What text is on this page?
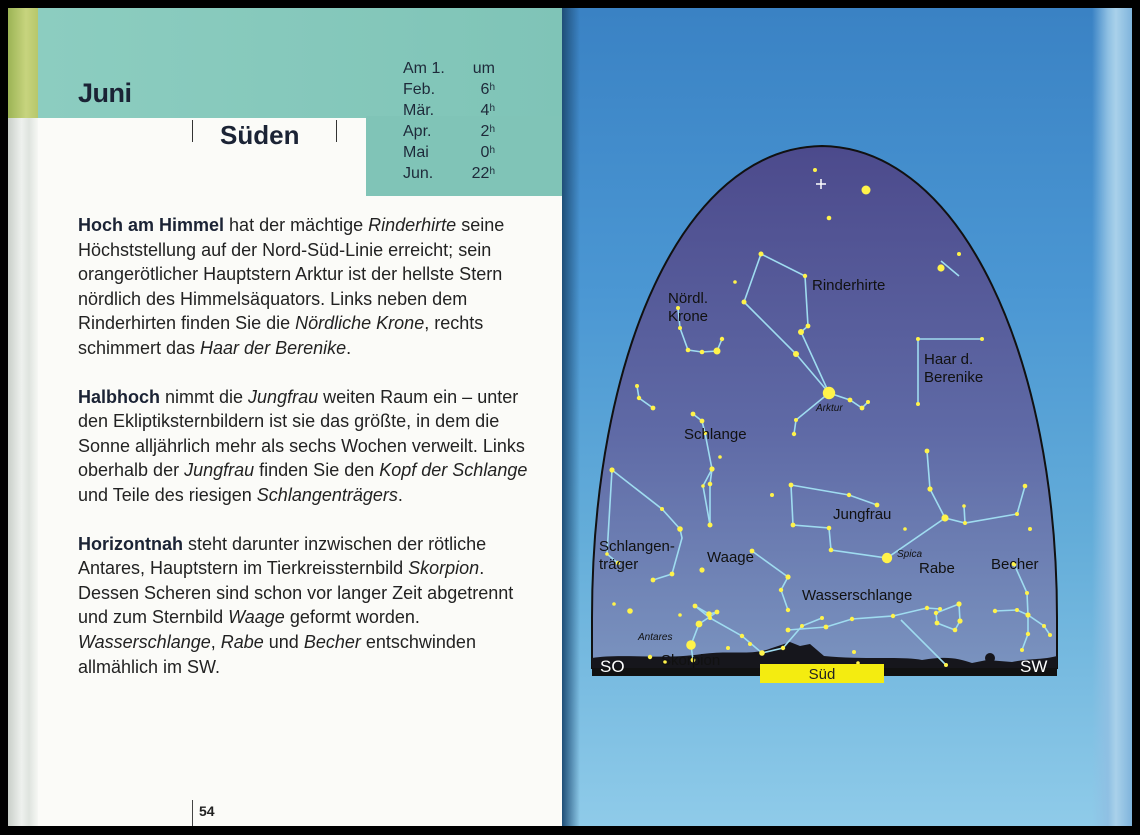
Juni
Süden
Am 1. um
Feb.	6$^h$
Mär.	4$^h$
Apr.	2$^h$
Mai	0$^h$
Jun. 22$^h$

Hoch am Himmel hat der mächtige Rinderhirte seine Höchststellung auf der Nord-Süd-Linie erreicht; sein orangerötlicher Hauptstern Arktur ist der hellste Stern nördlich des Himmelsäquators. Links neben dem Rinderhirten finden Sie die Nördliche Krone, rechts schimmert das Haar der Berenike.

Halbhoch nimmt die Jungfrau weiten Raum ein – unter den Ekliptiksternbildern ist sie das größte, in dem die Sonne alljährlich mehr als sechs Wochen verweilt. Links oberhalb der Jungfrau finden Sie den Kopf der Schlange und Teile des riesigen Schlangenträgers.

Horizontnah steht darunter inzwischen der rötliche Antares, Hauptstern im Tierkreissternbild Skorpion. Dessen Scheren sind schon vor langer Zeit abgetrennt und zum Sternbild Waage geformt worden. Wasserschlange, Rabe und Becher entschwinden allmählich im SW.

54
Nördl. Krone
Rinderhirte
Haar d. Berenike
Arktur
Schlange
Jungfrau
Schlangen-träger	Waage	Spica
Rabe Becher
Wasserschlange
Antares
Skorpion
SO	Süd	SW
